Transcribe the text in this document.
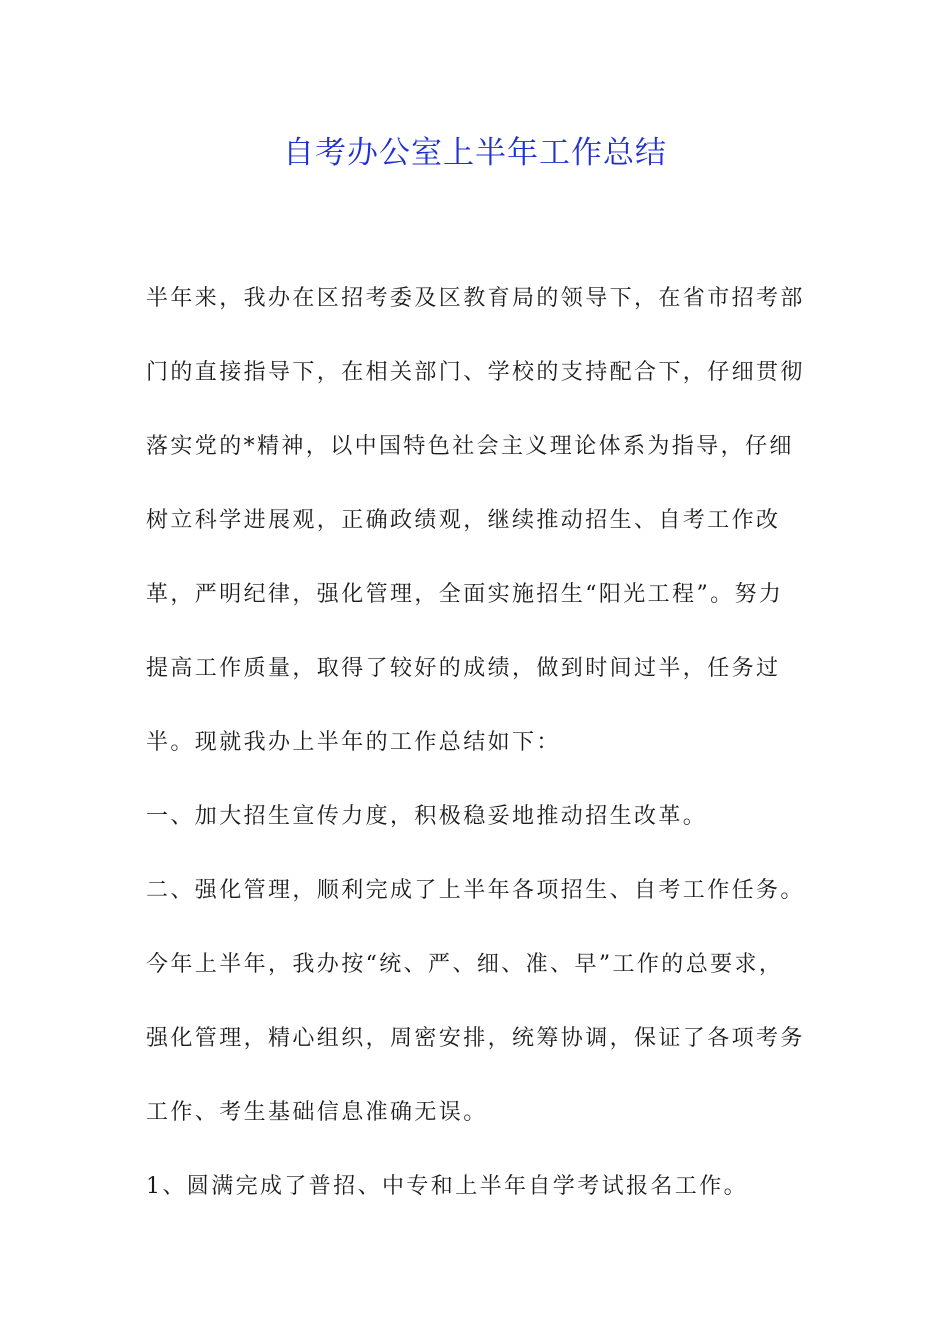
自考办公室上半年工作总结

半年来，我办在区招考委及区教育局的领导下，在省市招考部门的直接指导下，在相关部门、学校的支持配合下，仔细贯彻落实党的*精神，以中国特色社会主义理论体系为指导，仔细树立科学进展观，正确政绩观，继续推动招生、自考工作改革，严明纪律，强化管理，全面实施招生“阳光工程”。努力提高工作质量，取得了较好的成绩，做到时间过半，任务过半。现就我办上半年的工作总结如下：

一、加大招生宣传力度，积极稳妥地推动招生改革。

二、强化管理，顺利完成了上半年各项招生、自考工作任务。

今年上半年，我办按“统、严、细、准、早”工作的总要求，强化管理，精心组织，周密安排，统筹协调，保证了各项考务工作、考生基础信息准确无误。

1、圆满完成了普招、中专和上半年自学考试报名工作。
